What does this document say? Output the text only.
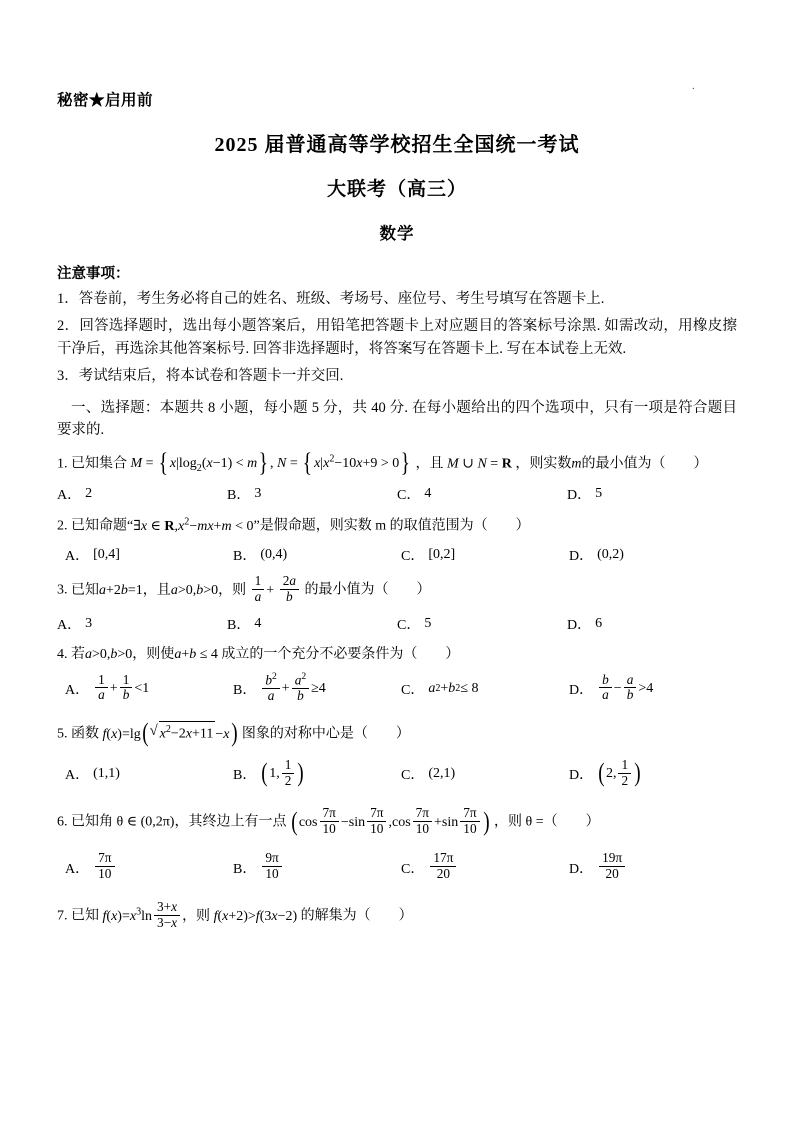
.
秘密★启用前
2025 届普通高等学校招生全国统一考试
大联考（高三）
数学
注意事项：
1．答卷前，考生务必将自己的姓名、班级、考场号、座位号、考生号填写在答题卡上.
2．回答选择题时，选出每小题答案后，用铅笔把答题卡上对应题目的答案标号涂黑. 如需改动，用橡皮擦干净后，再选涂其他答案标号. 回答非选择题时，将答案写在答题卡上. 写在本试卷上无效.
3．考试结束后，将本试卷和答题卡一并交回.
一、选择题：本题共 8 小题，每小题 5 分，共 40 分. 在每小题给出的四个选项中，只有一项是符合题目要求的.
1. 已知集合 M = { $x|\log_2(x-1) < m$} , N = { $x|x^2-10x+9 > 0$} ，且 M ∪ N = R ，则实数m的最小值为（　　）
A． 2	B． 3	C． 4	D． 5
2. 已知命题“∃x ∈ $R,x^2-mx+m < 0$”是假命题，则实数 m 的取值范围为（　　）
A． [0,4]	B． (0,4)	C． [0,2]	D． (0,2)
3. 已知a+2b=1，且a>0,b>0，则 $\frac{1}{a} + \frac{2a}{b}$ 的最小值为（　　）
A． 3	B． 4	C． 5	D． 6
4. 若a>0,b>0，则使a+b ≤ 4 成立的一个充分不必要条件为（　　）
A． $\frac{1}{a} + \frac{1}{b} <1$	B． $\frac{b^2}{a} + \frac{a^2}{b} \ge 4$	C． a 2 + b 2 ≤ 8	D． $\frac{b}{a} - \frac{a}{b} >4$
5. 函数 f(x)=lg( √ $x^2-2x+11 -x$) 图象的对称中心是（　　）
A． (1,1)	B． ( 1, $\frac{1}{2}$ )	C． (2,1)	D． ( 2, $\frac{1}{2}$ )
6. 已知角 θ ∈ (0,2π)，其终边上有一点 ($\cos \frac{7\pi}{10} -\sin \frac{7\pi}{10} ,\cos \frac{7\pi}{10} +\sin \frac{7\pi}{10}$ ) ，则 θ =（　　）
A． $\frac{7\pi}{10}$	B． $\frac{9\pi}{10}$	C． $\frac{17\pi}{20}$	D． $\frac{19\pi}{20}$
7. 已知 $f(x)=x^3\ln \frac{3+x}{3-x}$ ，则 f(x+2)>f(3x−2) 的解集为（　　）
